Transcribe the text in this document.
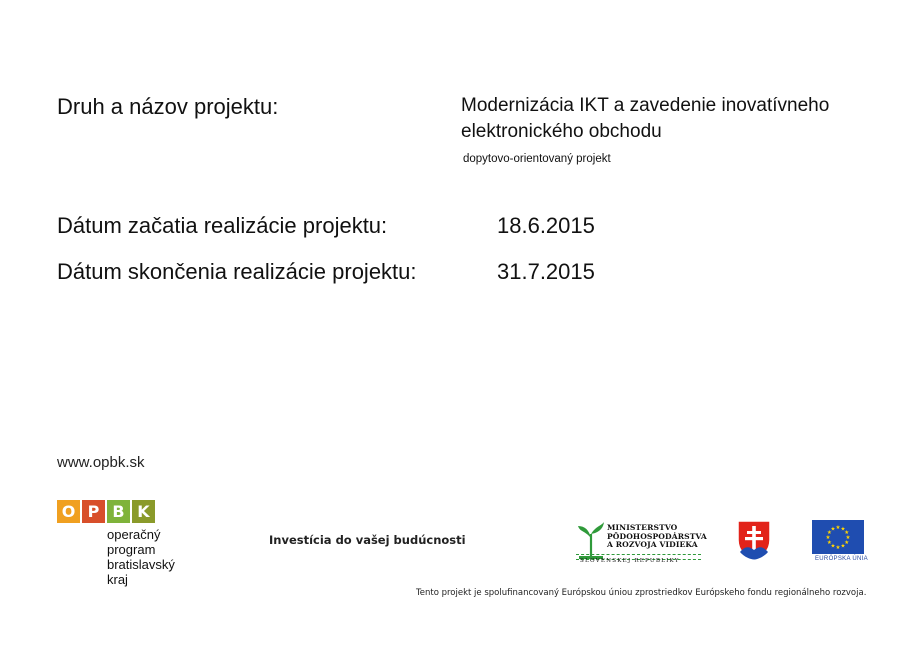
Druh a názov projektu:	Modernizácia IKT a zavedenie inovatívneho
elektronického obchodu
dopytovo-orientovaný projekt
Dátum začatia realizácie projektu:	18.6.2015
Dátum skončenia realizácie projektu:	31.7.2015
www.opbk.sk
O P B K
operačný
program
bratislavský
kraj
Investícia do vašej budúcnosti
MINISTERSTVO
PÔDOHOSPODÁRSTVA
A ROZVOJA VIDIEKA
SLOVENSKEJ REPUBLIKY
★ ★
★
★
★
★
★
★
★
★
★
★
EURÓPSKA ÚNIA
Tento projekt je spolufinancovaný Európskou úniou zprostriedkov Európskeho fondu regionálneho rozvoja.
